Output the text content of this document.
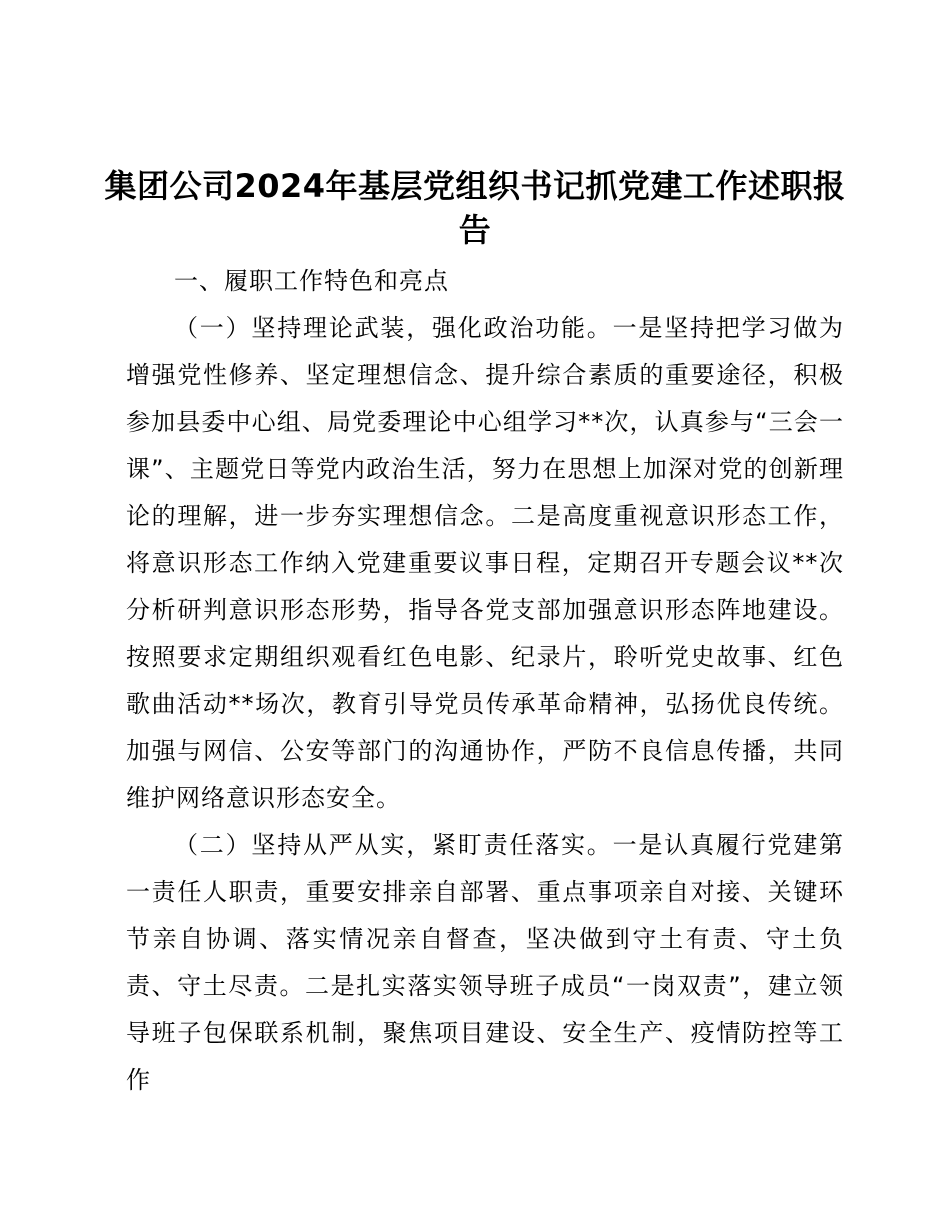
集团公司2024年基层党组织书记抓党建工作述职报告
一、履职工作特色和亮点

（一）坚持理论武装，强化政治功能。一是坚持把学习做为增强党性修养、坚定理想信念、提升综合素质的重要途径，积极参加县委中心组、局党委理论中心组学习**次，认真参与“三会一课”、主题党日等党内政治生活，努力在思想上加深对党的创新理论的理解，进一步夯实理想信念。二是高度重视意识形态工作，将意识形态工作纳入党建重要议事日程，定期召开专题会议**次分析研判意识形态形势，指导各党支部加强意识形态阵地建设。按照要求定期组织观看红色电影、纪录片，聆听党史故事、红色歌曲活动**场次，教育引导党员传承革命精神，弘扬优良传统。加强与网信、公安等部门的沟通协作，严防不良信息传播，共同维护网络意识形态安全。

（二）坚持从严从实，紧盯责任落实。一是认真履行党建第一责任人职责，重要安排亲自部署、重点事项亲自对接、关键环节亲自协调、落实情况亲自督查，坚决做到守土有责、守土负责、守土尽责。二是扎实落实领导班子成员“一岗双责”，建立领导班子包保联系机制，聚焦项目建设、安全生产、疫情防控等工作
